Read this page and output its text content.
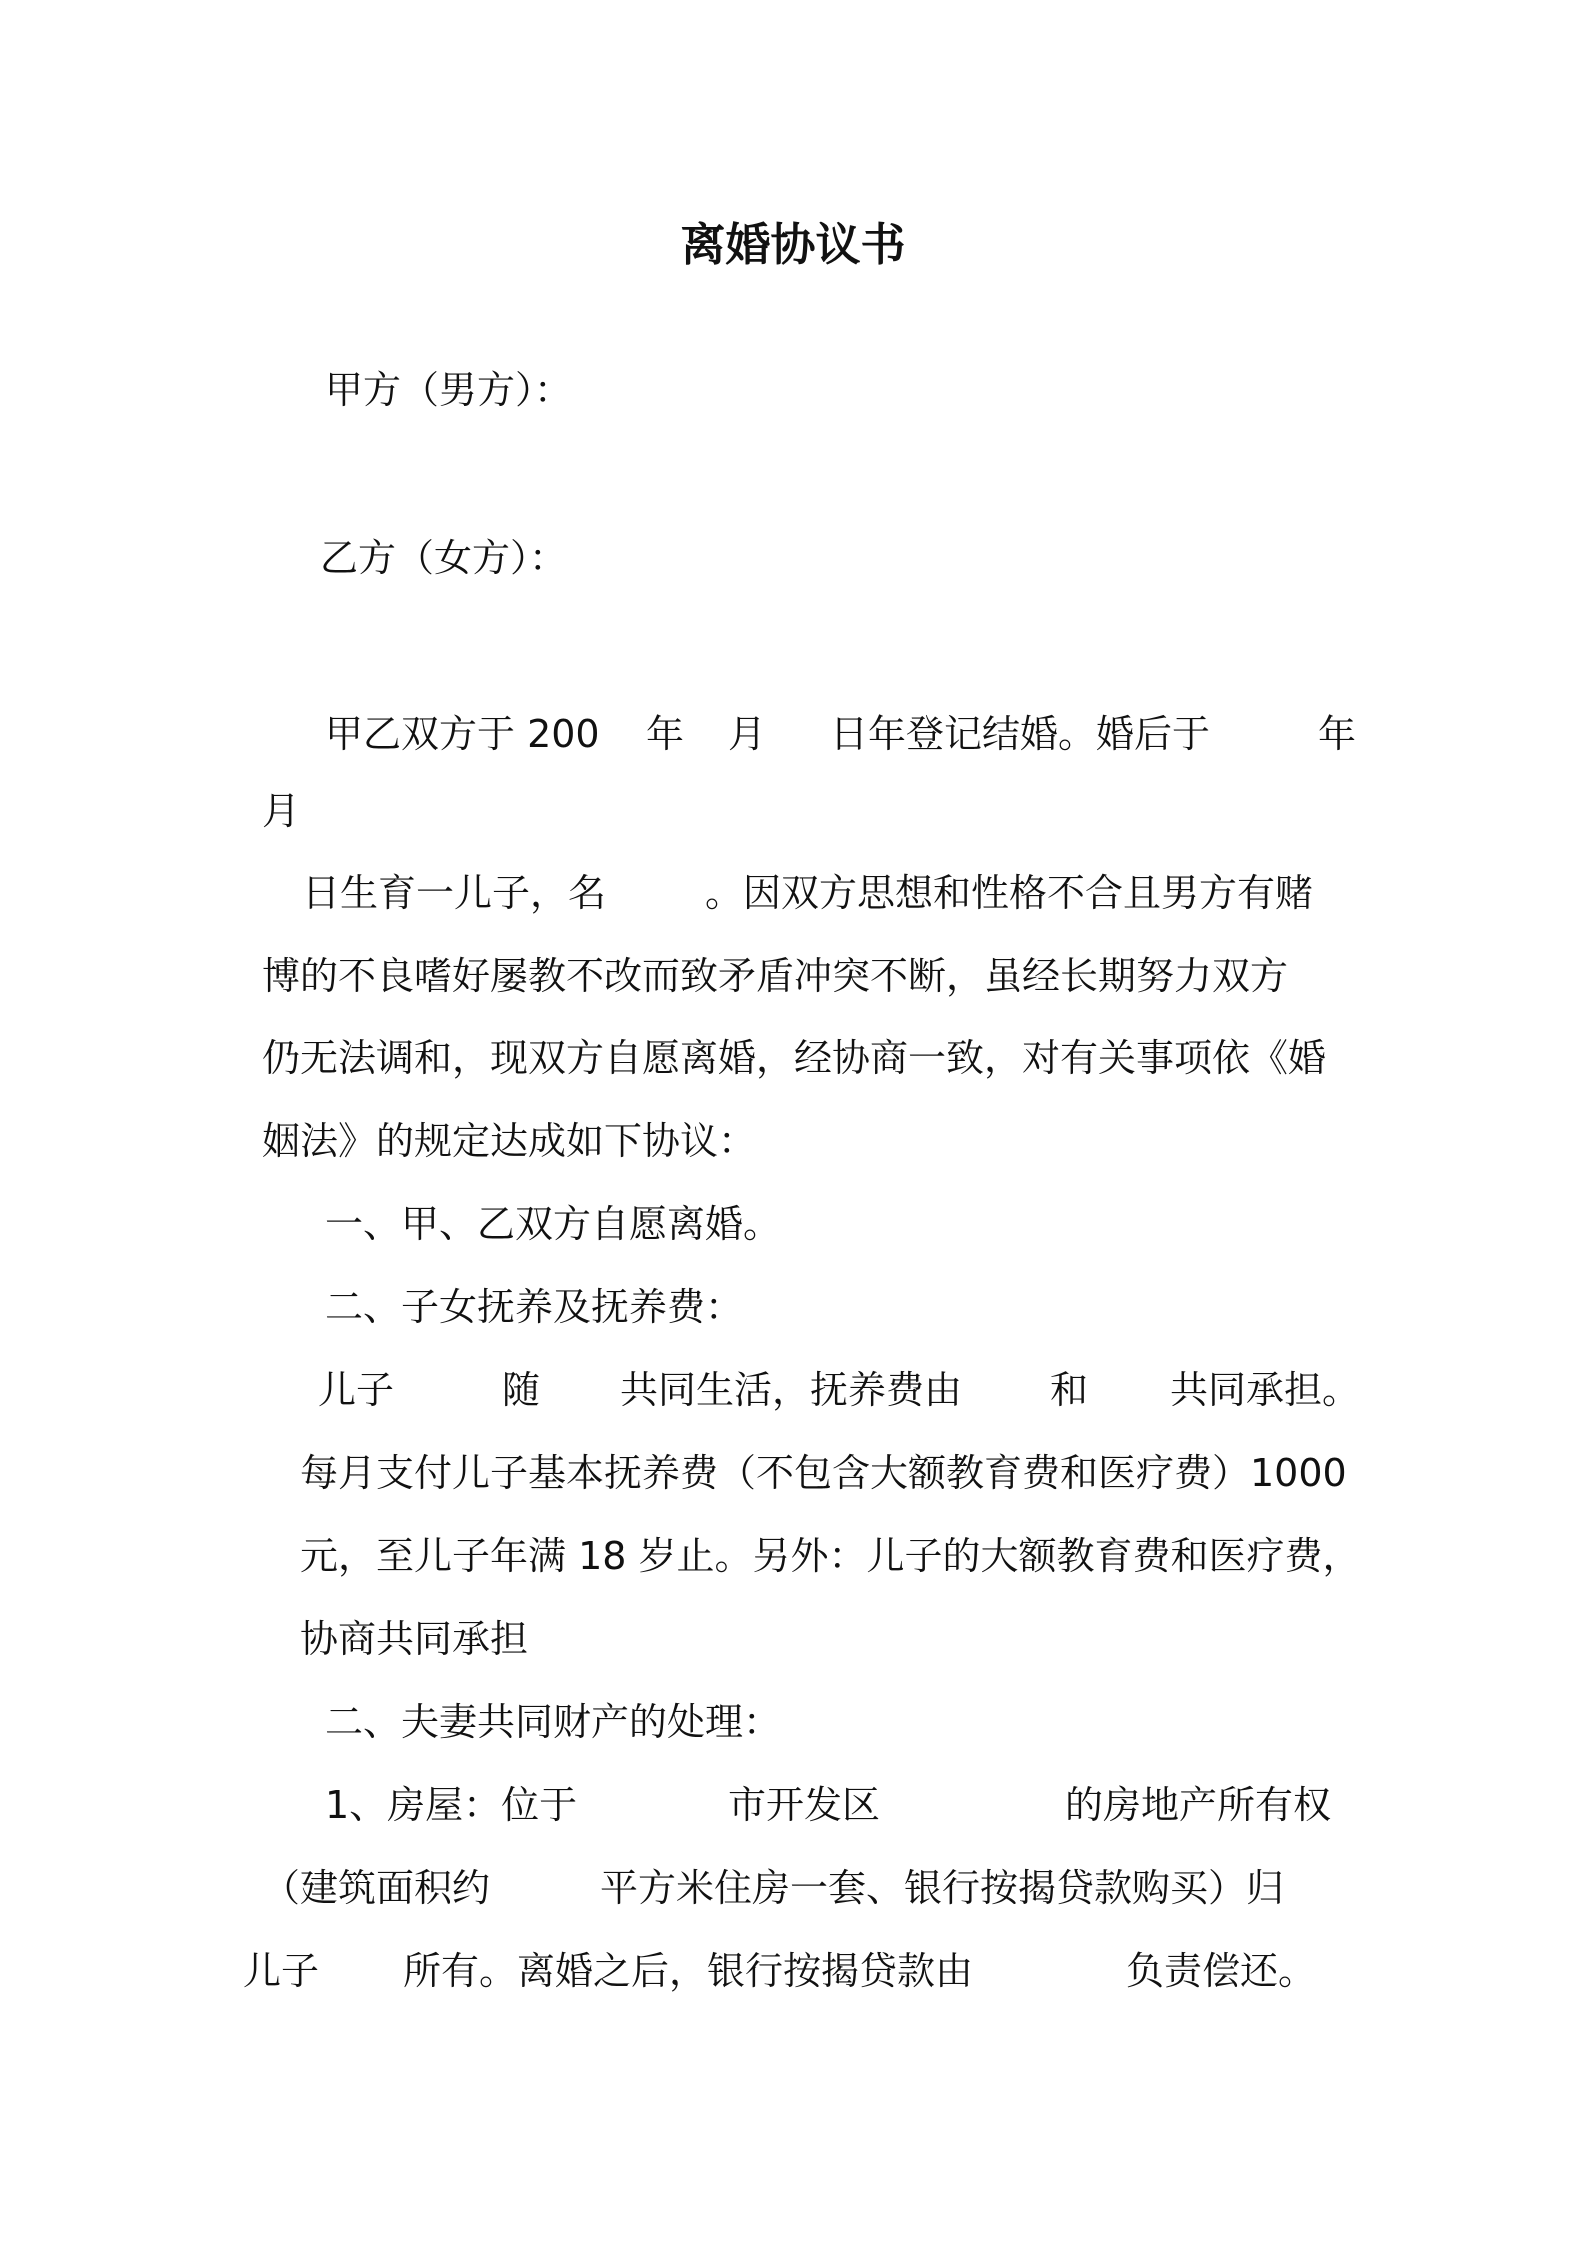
离婚协议书

甲方（男方）：

乙方（女方）：

甲乙双方于 200 年 月 日年登记结婚。婚后于	年

月

日生育一儿子，名	。因双方思想和性格不合且男方有赌

博的不良嗜好屡教不改而致矛盾冲突不断，虽经长期努力双方

仍无法调和，现双方自愿离婚，经协商一致，对有关事项依《婚

姻法》的规定达成如下协议：

一、甲、乙双方自愿离婚。

二、子女抚养及抚养费：

儿子	随 共同生活，抚养费由 和 共同承担。

每月支付儿子基本抚养费（不包含大额教育费和医疗费）1000

元，至儿子年满 18 岁止。另外：儿子的大额教育费和医疗费，

协商共同承担

二、夫妻共同财产的处理：

1、房屋：位于	市开发区	的房地产所有权
（建筑面积约	平方米住房一套、银行按揭贷款购买）归
儿子 所有。离婚之后，银行按揭贷款由	负责偿还。
